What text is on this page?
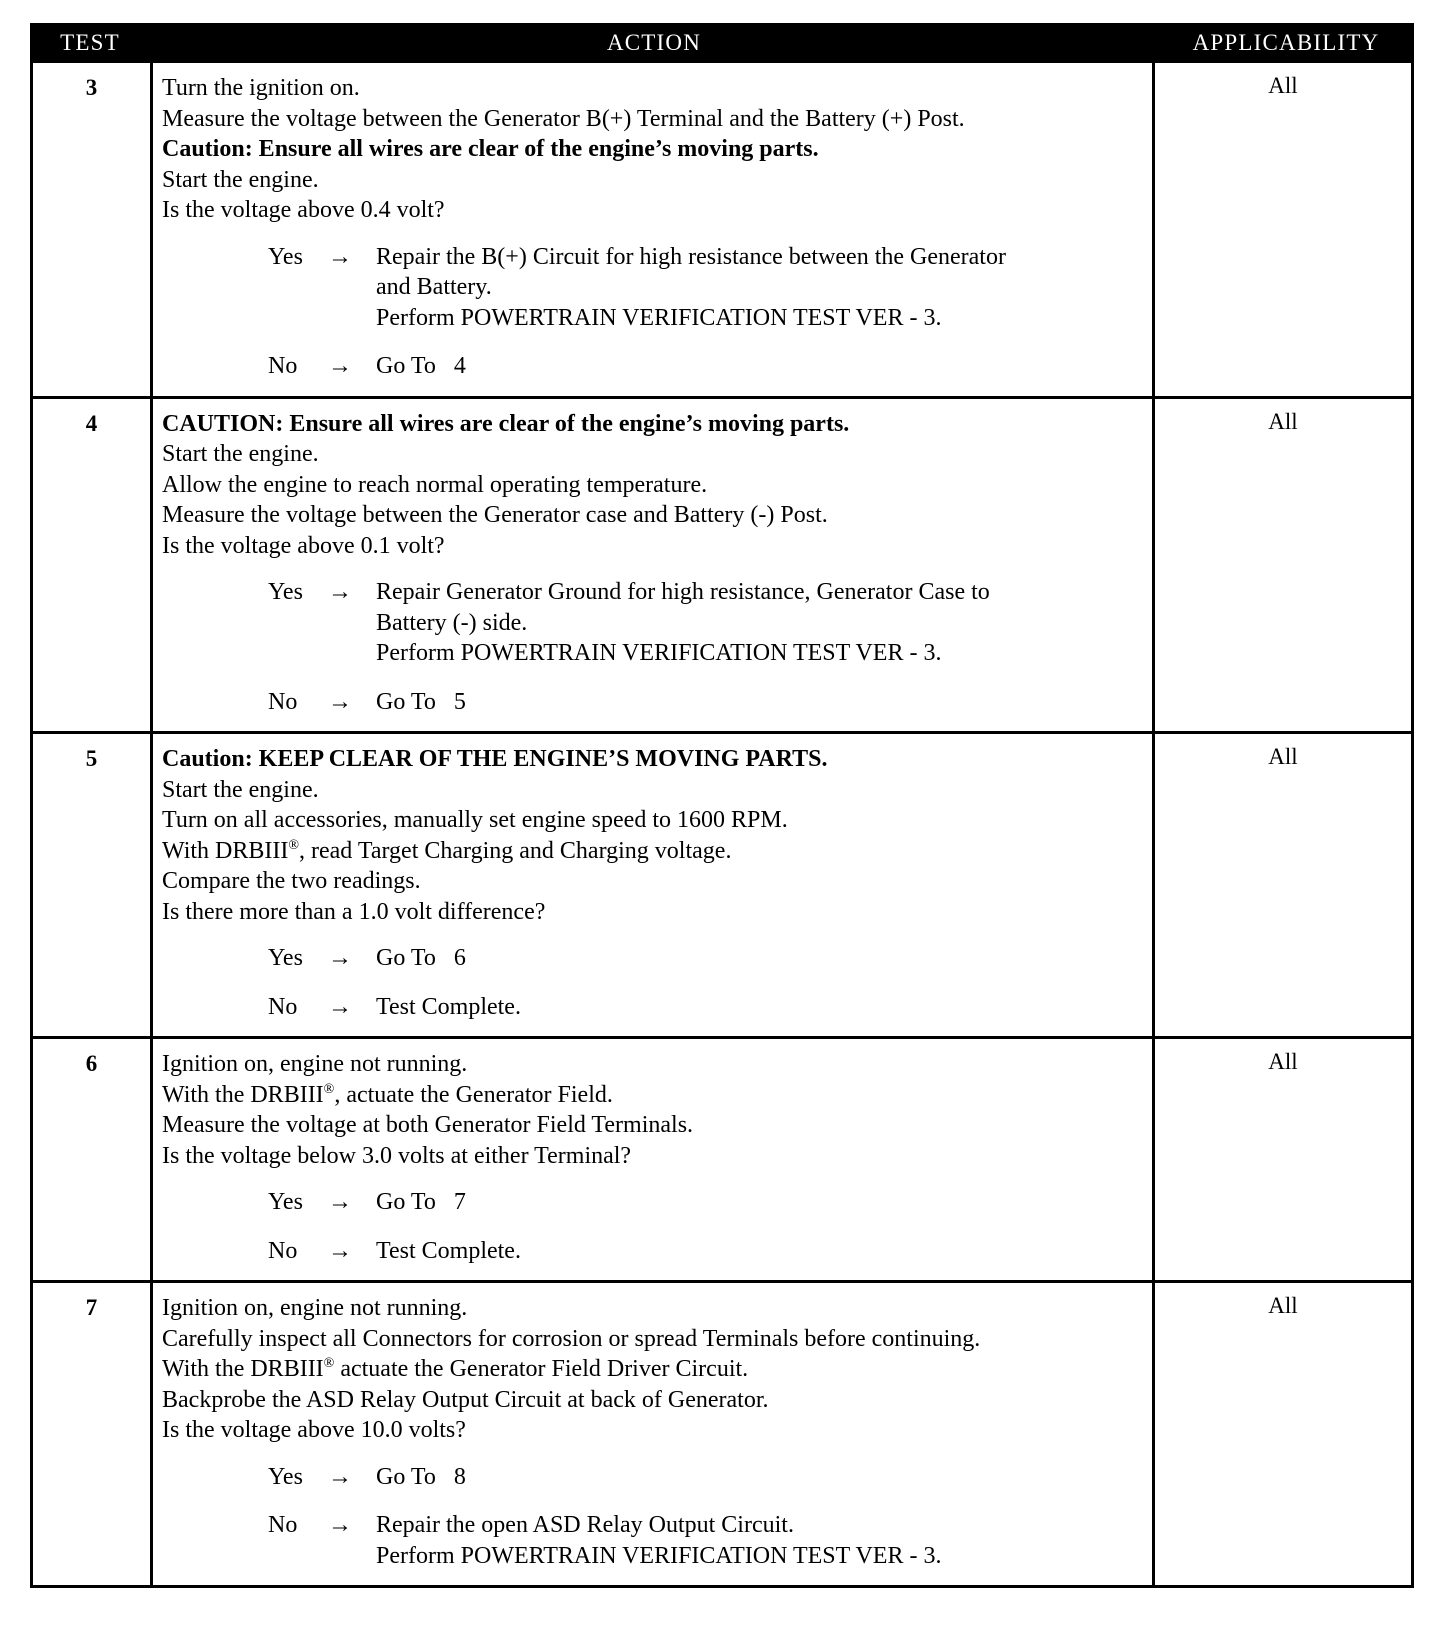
TEST	ACTION	APPLICABILITY
3	Turn the ignition on.
Measure the voltage between the Generator B(+) Terminal and the Battery (+) Post.
Caution: Ensure all wires are clear of the engine’s moving parts.
Start the engine.
Is the voltage above 0.4 volt?
Yes	→	Repair the B(+) Circuit for high resistance between the Generator
and Battery.
Perform POWERTRAIN VERIFICATION TEST VER - 3.
No	→	Go To   4
All
4	CAUTION: Ensure all wires are clear of the engine’s moving parts.
Start the engine.
Allow the engine to reach normal operating temperature.
Measure the voltage between the Generator case and Battery (-) Post.
Is the voltage above 0.1 volt?
Yes	→	Repair Generator Ground for high resistance, Generator Case to
Battery (-) side.
Perform POWERTRAIN VERIFICATION TEST VER - 3.
No	→	Go To   5
All
5	Caution: KEEP CLEAR OF THE ENGINE’S MOVING PARTS.
Start the engine.
Turn on all accessories, manually set engine speed to 1600 RPM.
With DRBIII®, read Target Charging and Charging voltage.
Compare the two readings.
Is there more than a 1.0 volt difference?
Yes	→	Go To   6
No	→	Test Complete.
All
6	Ignition on, engine not running.
With the DRBIII®, actuate the Generator Field.
Measure the voltage at both Generator Field Terminals.
Is the voltage below 3.0 volts at either Terminal?
Yes	→	Go To   7
No	→	Test Complete.
All
7	Ignition on, engine not running.
Carefully inspect all Connectors for corrosion or spread Terminals before continuing.
With the DRBIII® actuate the Generator Field Driver Circuit.
Backprobe the ASD Relay Output Circuit at back of Generator.
Is the voltage above 10.0 volts?
Yes	→	Go To   8
No	→	Repair the open ASD Relay Output Circuit.
Perform POWERTRAIN VERIFICATION TEST VER - 3.
All
